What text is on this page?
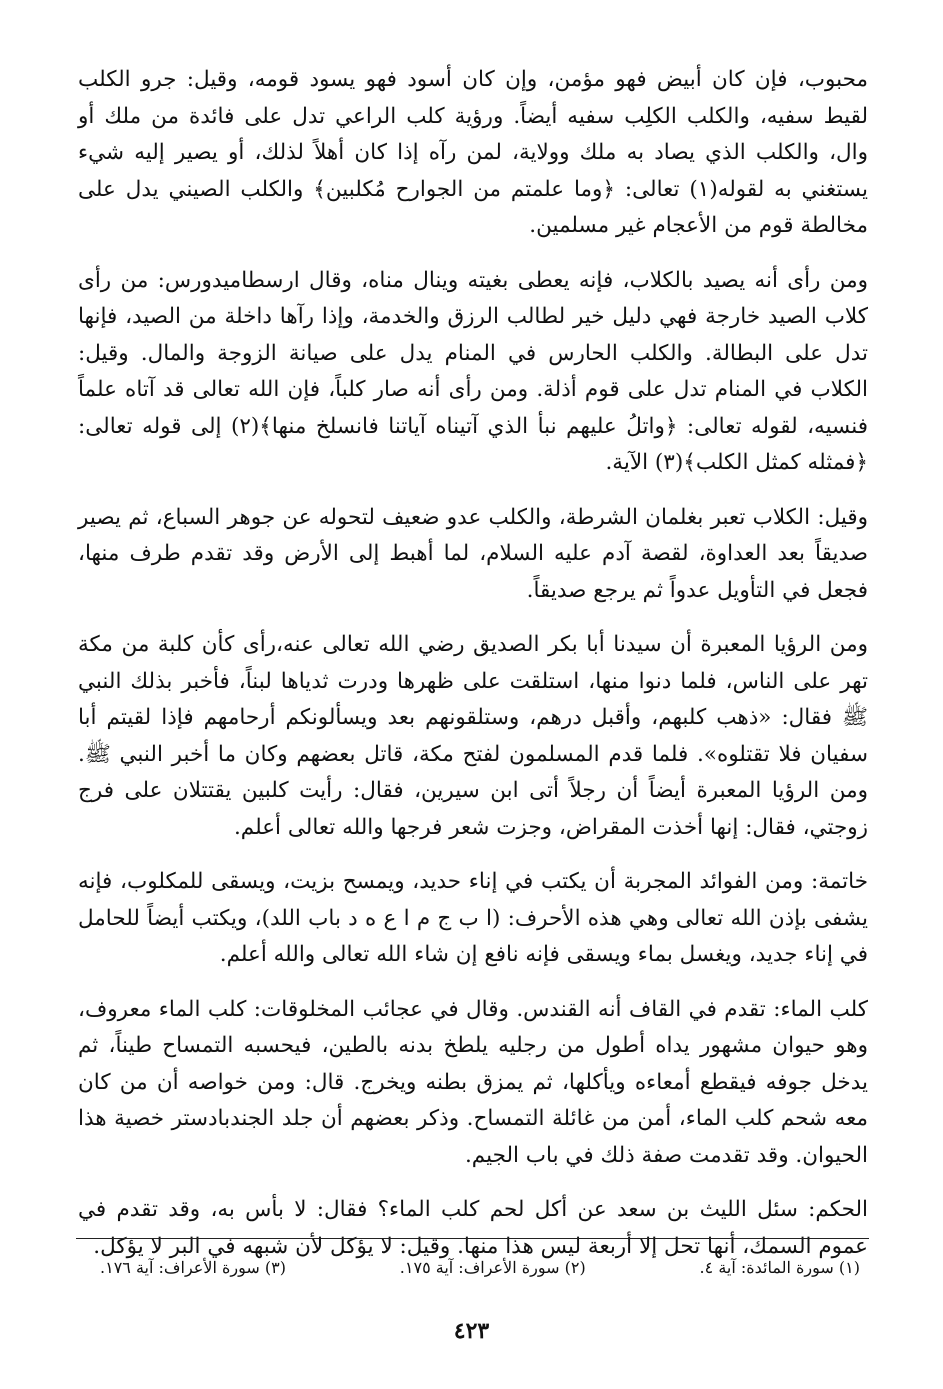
محبوب، فإن كان أبيض فهو مؤمن، وإن كان أسود فهو يسود قومه، وقيل: جرو الكلب لقيط سفيه، والكلب الكلِب سفيه أيضاً. ورؤية كلب الراعي تدل على فائدة من ملك أو وال، والكلب الذي يصاد به ملك وولاية، لمن رآه إذا كان أهلاً لذلك، أو يصير إليه شيء يستغني به لقوله(١) تعالى: ﴿وما علمتم من الجوارح مُكلبين﴾ والكلب الصيني يدل على مخالطة قوم من الأعجام غير مسلمين.

ومن رأى أنه يصيد بالكلاب، فإنه يعطى بغيته وينال مناه، وقال ارسطاميدورس: من رأى كلاب الصيد خارجة فهي دليل خير لطالب الرزق والخدمة، وإذا رآها داخلة من الصيد، فإنها تدل على البطالة. والكلب الحارس في المنام يدل على صيانة الزوجة والمال. وقيل: الكلاب في المنام تدل على قوم أذلة. ومن رأى أنه صار كلباً، فإن الله تعالى قد آتاه علماً فنسيه، لقوله تعالى: ﴿واتلُ عليهم نبأ الذي آتيناه آياتنا فانسلخ منها﴾(٢) إلى قوله تعالى: ﴿فمثله كمثل الكلب﴾(٣) الآية.

وقيل: الكلاب تعبر بغلمان الشرطة، والكلب عدو ضعيف لتحوله عن جوهر السباع، ثم يصير صديقاً بعد العداوة، لقصة آدم عليه السلام، لما أهبط إلى الأرض وقد تقدم طرف منها، فجعل في التأويل عدواً ثم يرجع صديقاً.

ومن الرؤيا المعبرة أن سيدنا أبا بكر الصديق رضي الله تعالى عنه،رأى كأن كلبة من مكة تهر على الناس، فلما دنوا منها، استلقت على ظهرها ودرت ثدياها لبناً، فأخبر بذلك النبي ﷺ فقال: «ذهب كلبهم، وأقبل درهم، وستلقونهم بعد ويسألونكم أرحامهم فإذا لقيتم أبا سفيان فلا تقتلوه». فلما قدم المسلمون لفتح مكة، قاتل بعضهم وكان ما أخبر النبي ﷺ. ومن الرؤيا المعبرة أيضاً أن رجلاً أتى ابن سيرين، فقال: رأيت كلبين يقتتلان على فرج زوجتي، فقال: إنها أخذت المقراض، وجزت شعر فرجها والله تعالى أعلم.

خاتمة: ومن الفوائد المجربة أن يكتب في إناء حديد، ويمسح بزيت، ويسقى للمكلوب، فإنه يشفى بإذن الله تعالى وهي هذه الأحرف: (ا ب ج م ا ع ه د باب اللد)، ويكتب أيضاً للحامل في إناء جديد، ويغسل بماء ويسقى فإنه نافع إن شاء الله تعالى والله أعلم.

كلب الماء: تقدم في القاف أنه القندس. وقال في عجائب المخلوقات: كلب الماء معروف، وهو حيوان مشهور يداه أطول من رجليه يلطخ بدنه بالطين، فيحسبه التمساح طيناً، ثم يدخل جوفه فيقطع أمعاءه ويأكلها، ثم يمزق بطنه ويخرج. قال: ومن خواصه أن من كان معه شحم كلب الماء، أمن من غائلة التمساح. وذكر بعضهم أن جلد الجندبادستر خصية هذا الحيوان. وقد تقدمت صفة ذلك في باب الجيم.

الحكم: سئل الليث بن سعد عن أكل لحم كلب الماء؟ فقال: لا بأس به، وقد تقدم في عموم السمك، أنها تحل إلا أربعة ليس هذا منها. وقيل: لا يؤكل لأن شبهه في البر لا يؤكل.

(١) سورة المائدة: آية ٤.
(٢) سورة الأعراف: آية ١٧٥.
(٣) سورة الأعراف: آية ١٧٦.
٤٢٣
